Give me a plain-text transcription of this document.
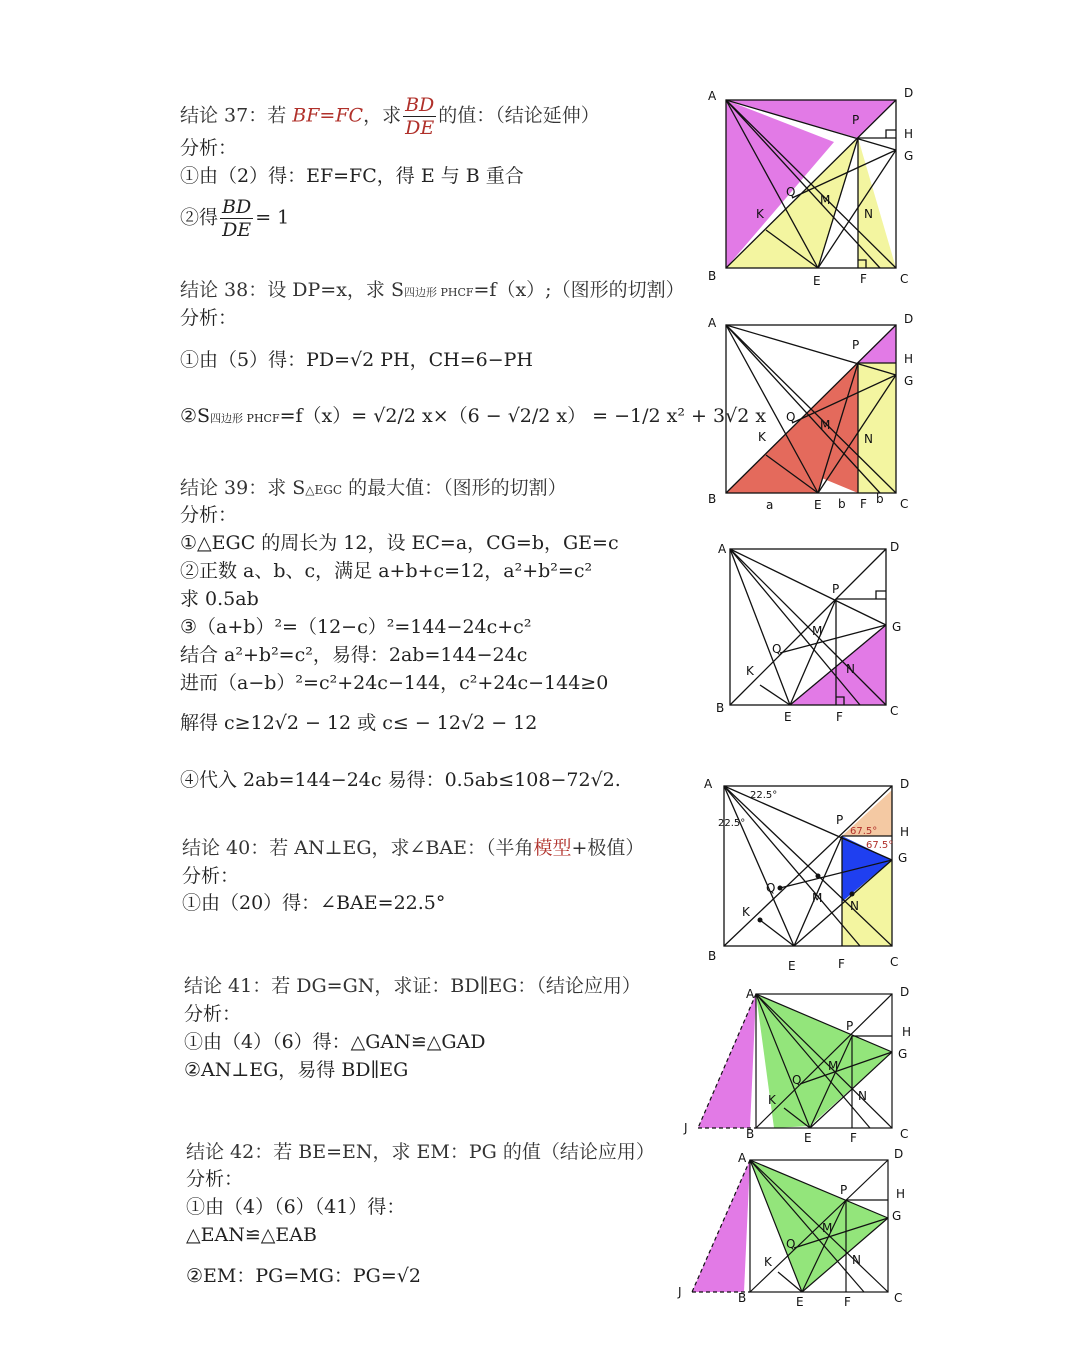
结论 37：若 BF=FC，求 $\frac{BD}{DE}$ 的值：（结论延伸）
分析：
①由（2）得：EF=FC，得 E 与 B 重合
②得 $\frac{BD}{DE} = 1$
结论 38：设 DP=x，求 S四边形 PHCF=f（x）;（图形的切割）
分析：
①由（5）得：PD=√2 PH，CH=6−PH
②S四边形 PHCF=f（x）= √2/2 x×（6 − √2/2 x） = −1/2 x² + 3√2 x
结论 39：求 S△EGC 的最大值：（图形的切割）
分析：
①△EGC 的周长为 12，设 EC=a，CG=b，GE=c
②正数 a、b、c，满足 a+b+c=12，a²+b²=c²
求 0.5ab
③（a+b）²=（12−c）²=144−24c+c²
结合 a²+b²=c²，易得：2ab=144−24c
进而（a−b）²=c²+24c−144，c²+24c−144≥0
解得 c≥12√2 − 12 或 c≤ − 12√2 − 12
④代入 2ab=144−24c 易得：0.5ab≤108−72√2.
结论 40：若 AN⊥EG，求∠BAE：（半角模型+极值）
分析：
①由（20）得：∠BAE=22.5°
结论 41：若 DG=GN，求证：BD∥EG：（结论应用）
分析：
①由（4）（6）得：△GAN≌△GAD
②AN⊥EG，易得 BD∥EG
结论 42：若 BE=EN，求 EM：PG 的值（结论应用）
分析：
①由（4）（6）（41）得：
△EAN≌△EAB
②EM：PG=MG：PG=√2
A	D
B	C
P
H
G
Q
M
N
K
E	F
A	D
B	C
P
H
G
Q
M
N
K
a	E b F b
A	D
B	C
P
G
Q
M
N
K
E	F
A	D
B	C
P
H
G
Q
M
N
K
E	F
22.5°
22.5°
67.5°
67.5°
A	D
B	C
P	H
G
Q
M
N
K
E	F
J
A	D
B	C
P	H
G
Q
M
N
K
E	F
J
